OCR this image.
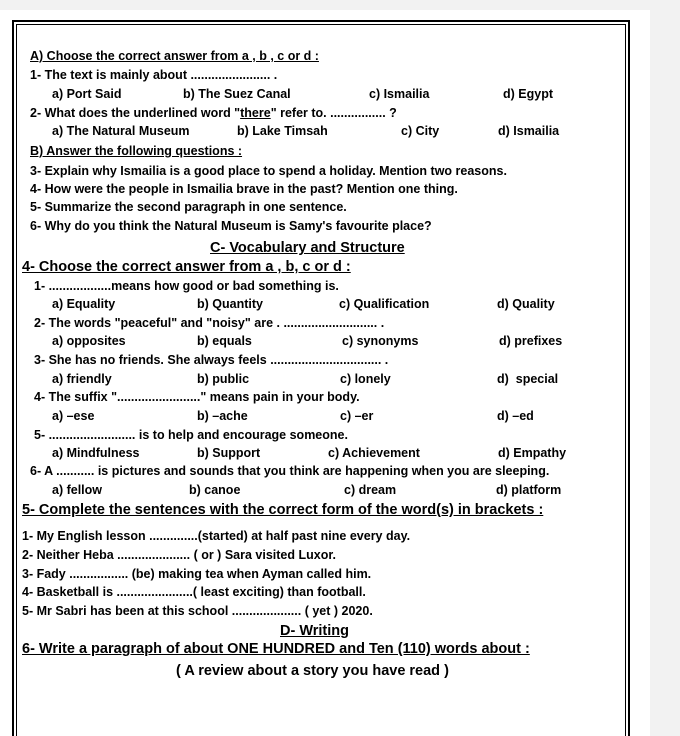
A) Choose the correct answer from a , b , c or d :
1- The text is mainly about ....................... .
a) Port Said	b) The Suez Canal	c) Ismailia	d) Egypt
2- What does the underlined word "there" refer to. ................ ?
a) The Natural Museum	b) Lake Timsah	c) City	d) Ismailia
B) Answer the following questions :
3- Explain why Ismailia is a good place to spend a holiday. Mention two reasons.
4- How were the people in Ismailia brave in the past? Mention one thing.
5- Summarize the second paragraph in one sentence.
6- Why do you think the Natural Museum is Samy's favourite place?
C- Vocabulary and Structure
4- Choose the correct answer from a , b, c or d :
1- ..................means how good or bad something is.
a) Equality	b) Quantity	c) Qualification	d) Quality
2- The words "peaceful" and "noisy" are . ........................... .
a) opposites	b) equals	c) synonyms	d) prefixes
3- She has no friends. She always feels ................................ .
a) friendly	b) public	c) lonely	d)  special
4- The suffix "........................" means pain in your body.
a) –ese	b) –ache	c) –er	d) –ed
5- ......................... is to help and encourage someone.
a) Mindfulness	b) Support	c) Achievement	d) Empathy
6- A ........... is pictures and sounds that you think are happening when you are sleeping.
a) fellow	b) canoe	c) dream	d) platform
5- Complete the sentences with the correct form of the word(s) in brackets :
1- My English lesson ..............(started) at half past nine every day.
2- Neither Heba ..................... ( or ) Sara visited Luxor.
3- Fady ................. (be) making tea when Ayman called him.
4- Basketball is ......................( least exciting) than football.
5- Mr Sabri has been at this school .................... ( yet ) 2020.
D- Writing
6- Write a paragraph of about ONE HUNDRED and Ten (110) words about :
( A review about a story you have read )
